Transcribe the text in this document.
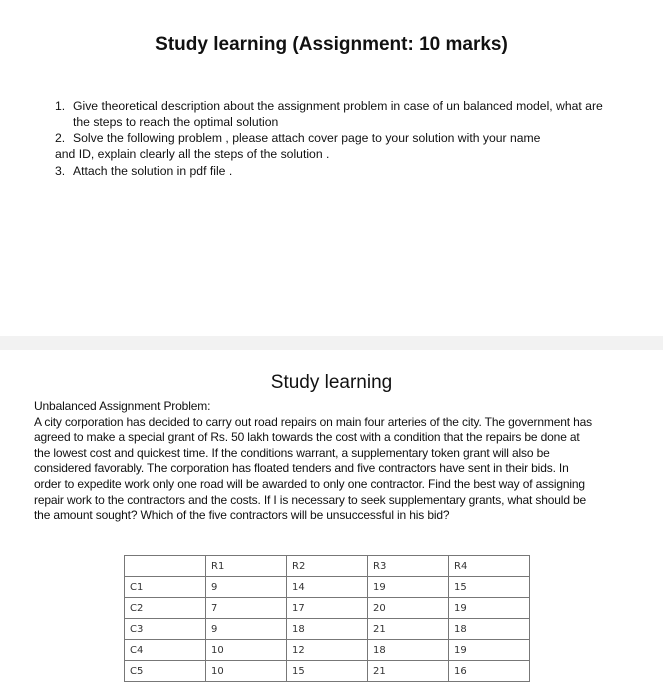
Study learning (Assignment: 10 marks)
1. Give theoretical description about the assignment problem in case of un balanced model, what are the steps to reach the optimal solution
2. Solve the following problem , please attach cover page to your solution with your name
and ID, explain clearly all the steps of the solution .
3. Attach the solution in pdf file .
Study learning
Unbalanced Assignment Problem:
A city corporation has decided to carry out road repairs on main four arteries of the city. The government has agreed to make a special grant of Rs. 50 lakh towards the cost with a condition that the repairs be done at the lowest cost and quickest time. If the conditions warrant, a supplementary token grant will also be considered favorably. The corporation has floated tenders and five contractors have sent in their bids. In order to expedite work only one road will be awarded to only one contractor. Find the best way of assigning repair work to the contractors and the costs. If I is necessary to seek supplementary grants, what should be the amount sought? Which of the five contractors will be unsuccessful in his bid?
	R1	R2	R3	R4
C1	9	14	19	15
C2	7	17	20	19
C3	9	18	21	18
C4	10	12	18	19
C5	10	15	21	16
